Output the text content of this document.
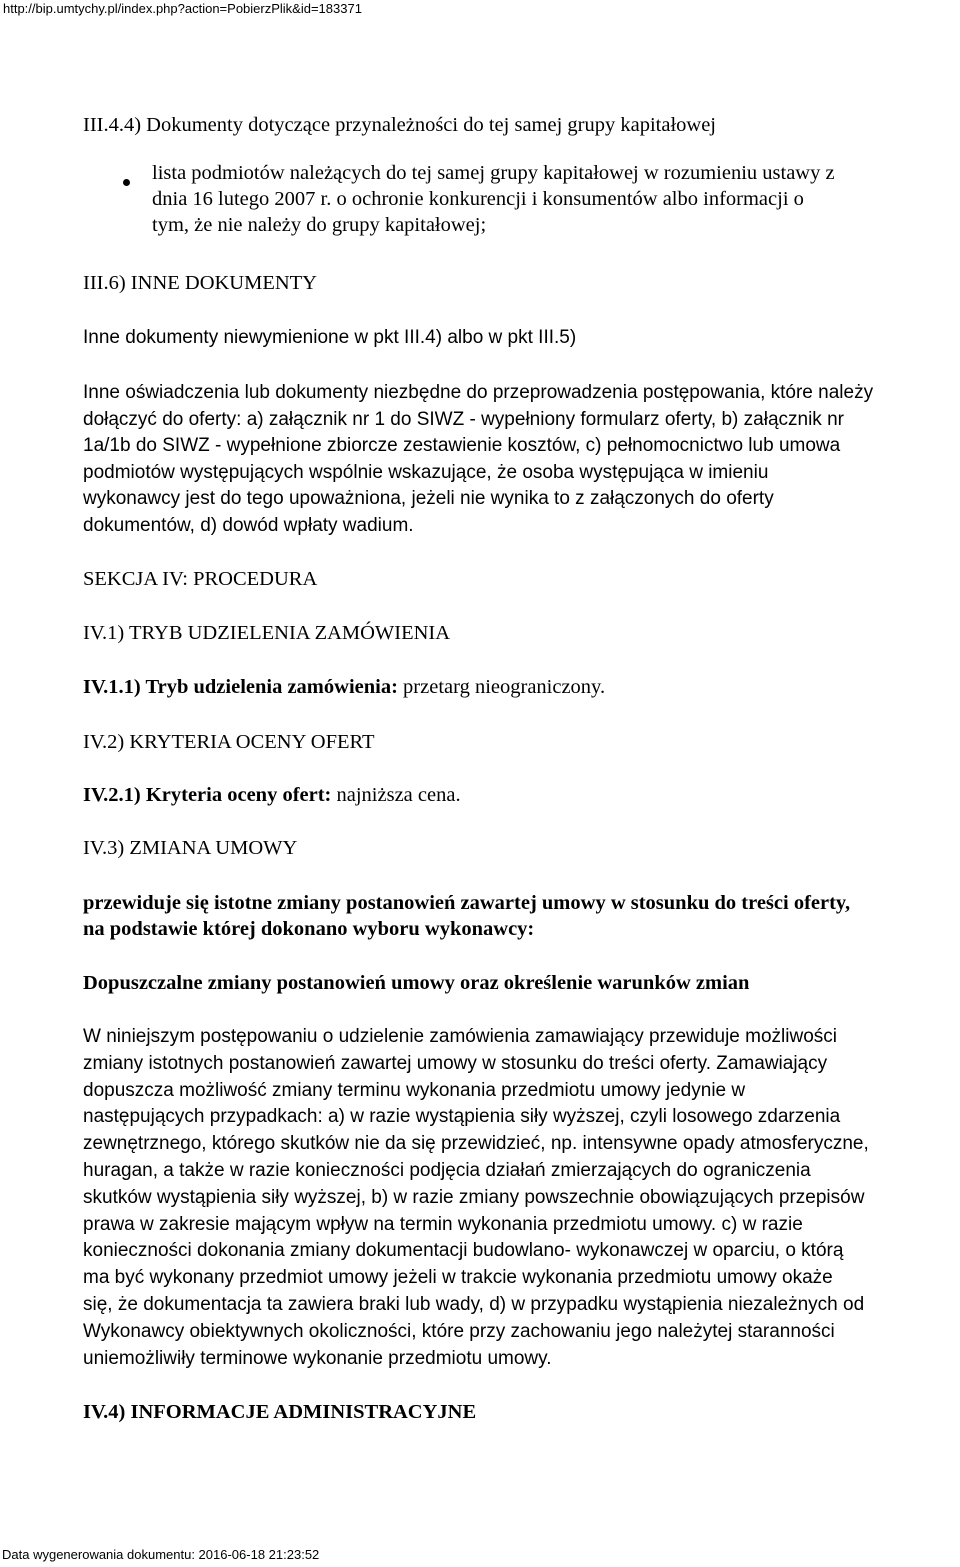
http://bip.umtychy.pl/index.php?action=PobierzPlik&id=183371
III.4.4) Dokumenty dotyczące przynależności do tej samej grupy kapitałowej
lista podmiotów należących do tej samej grupy kapitałowej w rozumieniu ustawy z
dnia 16 lutego 2007 r. o ochronie konkurencji i konsumentów albo informacji o
tym, że nie należy do grupy kapitałowej;
III.6) INNE DOKUMENTY
Inne dokumenty niewymienione w pkt III.4) albo w pkt III.5)
Inne oświadczenia lub dokumenty niezbędne do przeprowadzenia postępowania, które należy
dołączyć do oferty: a) załącznik nr 1 do SIWZ - wypełniony formularz oferty, b) załącznik nr
1a/1b do SIWZ - wypełnione zbiorcze zestawienie kosztów, c) pełnomocnictwo lub umowa
podmiotów występujących wspólnie wskazujące, że osoba występująca w imieniu
wykonawcy jest do tego upoważniona, jeżeli nie wynika to z załączonych do oferty
dokumentów, d) dowód wpłaty wadium.
SEKCJA IV: PROCEDURA
IV.1) TRYB UDZIELENIA ZAMÓWIENIA
IV.1.1) Tryb udzielenia zamówienia: przetarg nieograniczony.
IV.2) KRYTERIA OCENY OFERT
IV.2.1) Kryteria oceny ofert: najniższa cena.
IV.3) ZMIANA UMOWY
przewiduje się istotne zmiany postanowień zawartej umowy w stosunku do treści oferty,
na podstawie której dokonano wyboru wykonawcy:
Dopuszczalne zmiany postanowień umowy oraz określenie warunków zmian
W niniejszym postępowaniu o udzielenie zamówienia zamawiający przewiduje możliwości
zmiany istotnych postanowień zawartej umowy w stosunku do treści oferty. Zamawiający
dopuszcza możliwość zmiany terminu wykonania przedmiotu umowy jedynie w
następujących przypadkach: a) w razie wystąpienia siły wyższej, czyli losowego zdarzenia
zewnętrznego, którego skutków nie da się przewidzieć, np. intensywne opady atmosferyczne,
huragan, a także w razie konieczności podjęcia działań zmierzających do ograniczenia
skutków wystąpienia siły wyższej, b) w razie zmiany powszechnie obowiązujących przepisów
prawa w zakresie mającym wpływ na termin wykonania przedmiotu umowy. c) w razie
konieczności dokonania zmiany dokumentacji budowlano- wykonawczej w oparciu, o którą
ma być wykonany przedmiot umowy jeżeli w trakcie wykonania przedmiotu umowy okaże
się, że dokumentacja ta zawiera braki lub wady, d) w przypadku wystąpienia niezależnych od
Wykonawcy obiektywnych okoliczności, które przy zachowaniu jego należytej staranności
uniemożliwiły terminowe wykonanie przedmiotu umowy.
IV.4) INFORMACJE ADMINISTRACYJNE
Data wygenerowania dokumentu: 2016-06-18 21:23:52
